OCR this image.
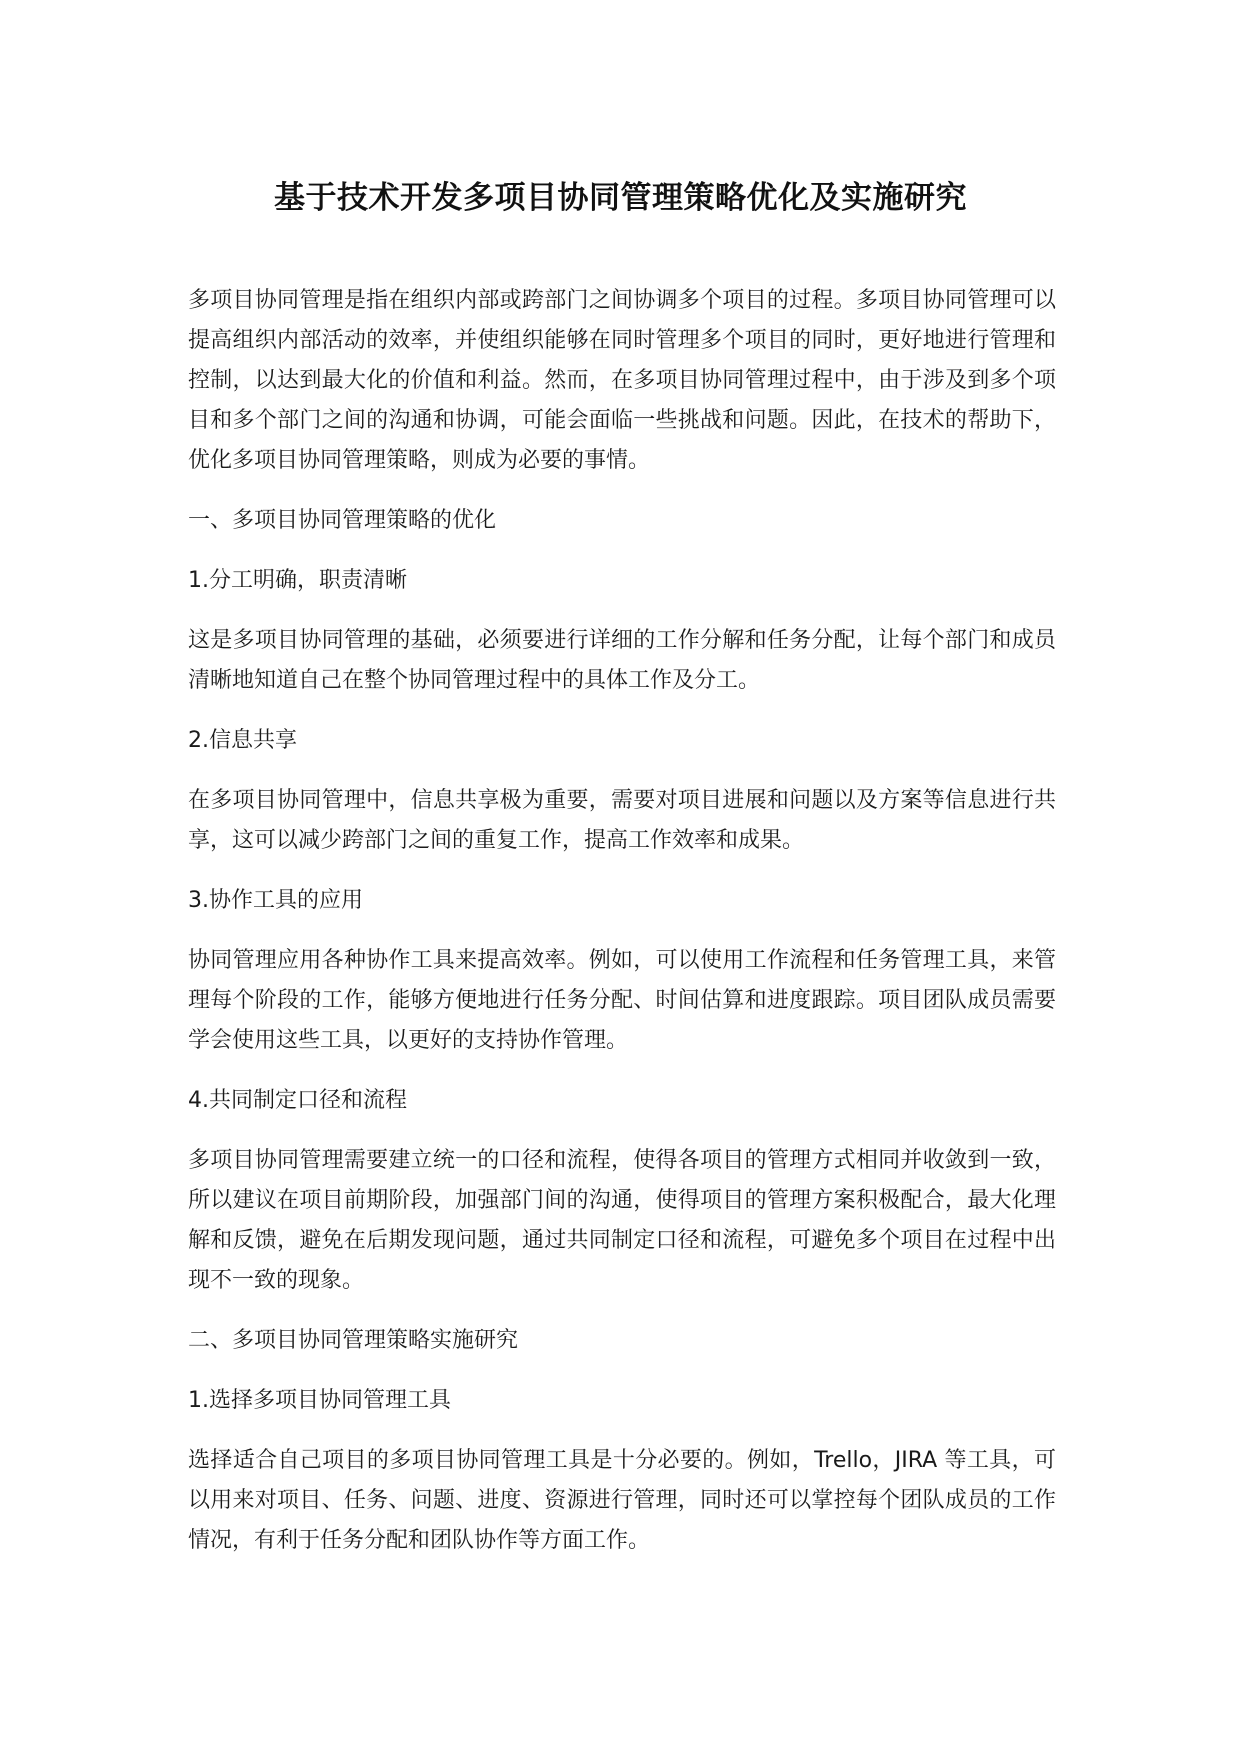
基于技术开发多项目协同管理策略优化及实施研究

多项目协同管理是指在组织内部或跨部门之间协调多个项目的过程。多项目协同管理可以提高组织内部活动的效率，并使组织能够在同时管理多个项目的同时，更好地进行管理和控制，以达到最大化的价值和利益。然而，在多项目协同管理过程中，由于涉及到多个项目和多个部门之间的沟通和协调，可能会面临一些挑战和问题。因此，在技术的帮助下，优化多项目协同管理策略，则成为必要的事情。

一、多项目协同管理策略的优化

1.分工明确，职责清晰

这是多项目协同管理的基础，必须要进行详细的工作分解和任务分配，让每个部门和成员清晰地知道自己在整个协同管理过程中的具体工作及分工。

2.信息共享

在多项目协同管理中，信息共享极为重要，需要对项目进展和问题以及方案等信息进行共享，这可以减少跨部门之间的重复工作，提高工作效率和成果。

3.协作工具的应用

协同管理应用各种协作工具来提高效率。例如，可以使用工作流程和任务管理工具，来管理每个阶段的工作，能够方便地进行任务分配、时间估算和进度跟踪。项目团队成员需要学会使用这些工具，以更好的支持协作管理。

4.共同制定口径和流程

多项目协同管理需要建立统一的口径和流程，使得各项目的管理方式相同并收敛到一致，所以建议在项目前期阶段，加强部门间的沟通，使得项目的管理方案积极配合，最大化理解和反馈，避免在后期发现问题，通过共同制定口径和流程，可避免多个项目在过程中出现不一致的现象。

二、多项目协同管理策略实施研究

1.选择多项目协同管理工具

选择适合自己项目的多项目协同管理工具是十分必要的。例如，Trello，JIRA 等工具，可以用来对项目、任务、问题、进度、资源进行管理，同时还可以掌控每个团队成员的工作情况，有利于任务分配和团队协作等方面工作。
